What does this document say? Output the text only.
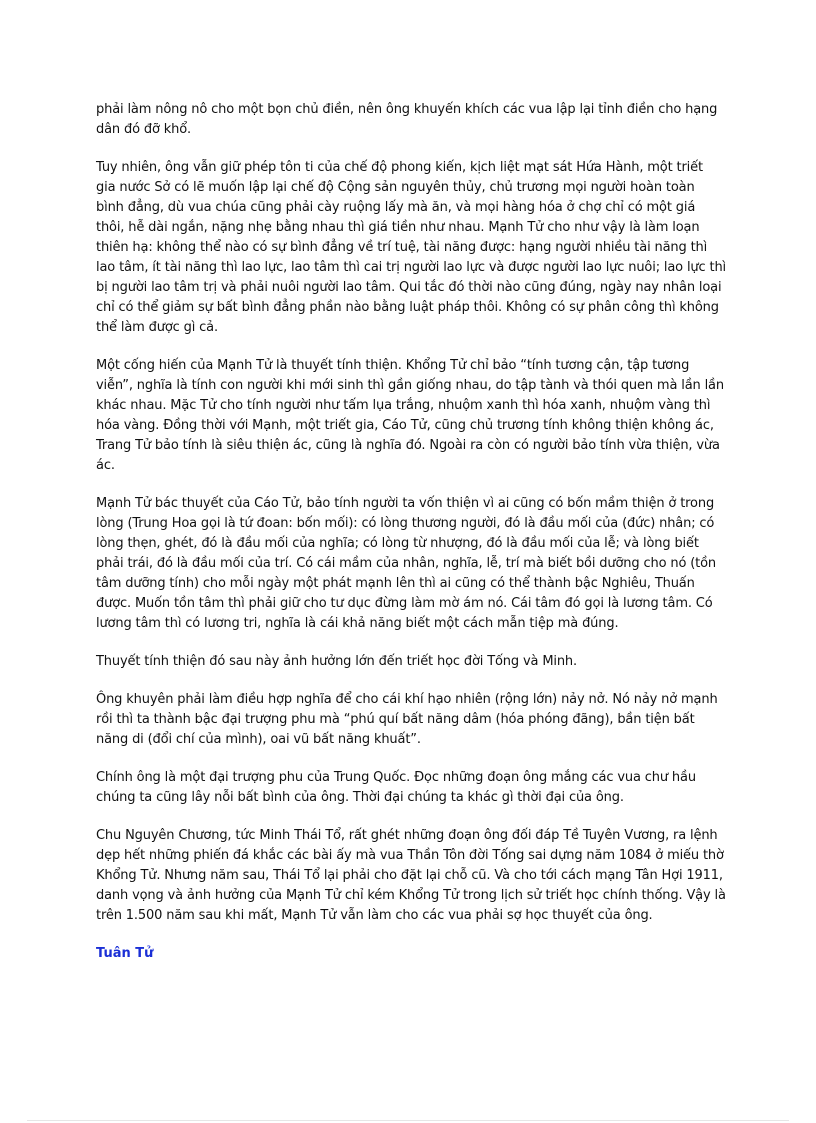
phải làm nông nô cho một bọn chủ điền, nên ông khuyến khích các vua lập lại tỉnh điền cho hạng dân đó đỡ khổ.

Tuy nhiên, ông vẫn giữ phép tôn ti của chế độ phong kiến, kịch liệt mạt sát Hứa Hành, một triết gia nước Sở có lẽ muốn lập lại chế độ Cộng sản nguyên thủy, chủ trương mọi người hoàn toàn bình đẳng, dù vua chúa cũng phải cày ruộng lấy mà ăn, và mọi hàng hóa ở chợ chỉ có một giá thôi, hễ dài ngắn, nặng nhẹ bằng nhau thì giá tiền như nhau. Mạnh Tử cho như vậy là làm loạn thiên hạ: không thể nào có sự bình đẳng về trí tuệ, tài năng được: hạng người nhiều tài năng thì lao tâm, ít tài năng thì lao lực, lao tâm thì cai trị người lao lực và được người lao lực nuôi; lao lực thì bị người lao tâm trị và phải nuôi người lao tâm. Qui tắc đó thời nào cũng đúng, ngày nay nhân loại chỉ có thể giảm sự bất bình đẳng phần nào bằng luật pháp thôi. Không có sự phân công thì không thể làm được gì cả.

Một cống hiến của Mạnh Tử là thuyết tính thiện. Khổng Tử chỉ bảo “tính tương cận, tập tương viễn”, nghĩa là tính con người khi mới sinh thì gần giống nhau, do tập tành và thói quen mà lần lần khác nhau. Mặc Tử cho tính người như tấm lụa trắng, nhuộm xanh thì hóa xanh, nhuộm vàng thì hóa vàng. Đồng thời với Mạnh, một triết gia, Cáo Tử, cũng chủ trương tính không thiện không ác, Trang Tử bảo tính là siêu thiện ác, cũng là nghĩa đó. Ngoài ra còn có người bảo tính vừa thiện, vừa ác.

Mạnh Tử bác thuyết của Cáo Tử, bảo tính người ta vốn thiện vì ai cũng có bốn mầm thiện ở trong lòng (Trung Hoa gọi là tứ đoan: bốn mối): có lòng thương người, đó là đầu mối của (đức) nhân; có lòng thẹn, ghét, đó là đầu mối của nghĩa; có lòng từ nhượng, đó là đầu mối của lễ; và lòng biết phải trái, đó là đầu mối của trí. Có cái mầm của nhân, nghĩa, lễ, trí mà biết bồi dưỡng cho nó (tồn tâm dưỡng tính) cho mỗi ngày một phát mạnh lên thì ai cũng có thể thành bậc Nghiêu, Thuấn được. Muốn tồn tâm thì phải giữ cho tư dục đừng làm mờ ám nó. Cái tâm đó gọi là lương tâm. Có lương tâm thì có lương tri, nghĩa là cái khả năng biết một cách mẫn tiệp mà đúng.

Thuyết tính thiện đó sau này ảnh hưởng lớn đến triết học đời Tống và Minh.

Ông khuyên phải làm điều hợp nghĩa để cho cái khí hạo nhiên (rộng lớn) nảy nở. Nó nảy nở mạnh rồi thì ta thành bậc đại trượng phu mà “phú quí bất năng dâm (hóa phóng đãng), bần tiện bất năng di (đổi chí của mình), oai vũ bất năng khuất”.

Chính ông là một đại trượng phu của Trung Quốc. Đọc những đoạn ông mắng các vua chư hầu chúng ta cũng lây nỗi bất bình của ông. Thời đại chúng ta khác gì thời đại của ông.

Chu Nguyên Chương, tức Minh Thái Tổ, rất ghét những đoạn ông đối đáp Tề Tuyên Vương, ra lệnh dẹp hết những phiến đá khắc các bài ấy mà vua Thần Tôn đời Tống sai dựng năm 1084 ở miếu thờ Khổng Tử. Nhưng năm sau, Thái Tổ lại phải cho đặt lại chỗ cũ. Và cho tới cách mạng Tân Hợi 1911, danh vọng và ảnh hưởng của Mạnh Tử chỉ kém Khổng Tử trong lịch sử triết học chính thống. Vậy là trên 1.500 năm sau khi mất, Mạnh Tử vẫn làm cho các vua phải sợ học thuyết của ông.

Tuân Tử
